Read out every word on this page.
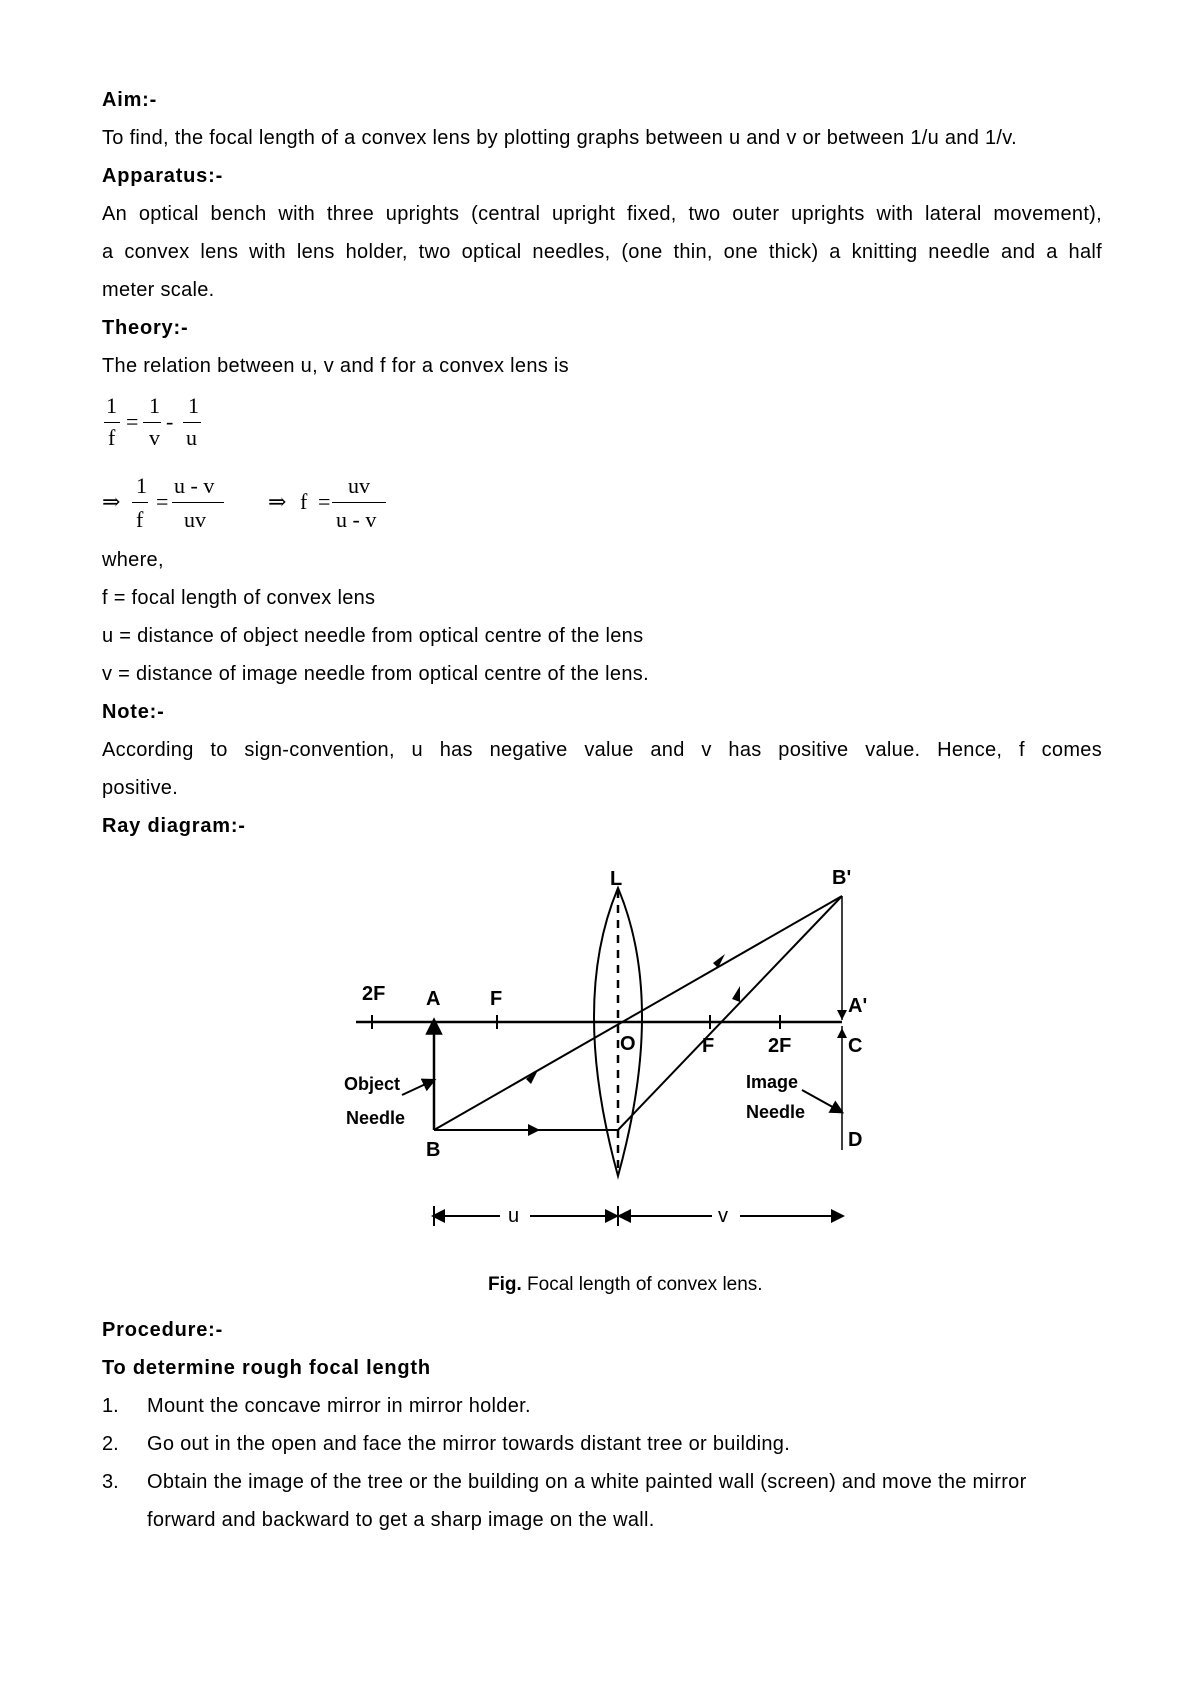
Aim:-
To find, the focal length of a convex lens by plotting graphs between u and v or between 1/u and 1/v.
Apparatus:-
An optical bench with three uprights (central upright fixed, two outer uprights with lateral movement),
a convex lens with lens holder, two optical needles, (one thin, one thick) a knitting needle and a half
meter scale.
Theory:-
The relation between u, v and f for a convex lens is
1
f
=
1
v
-
1
u
⇒
1
f
=
u - v
uv
⇒ f =
uv
u - v
where,
f = focal length of convex lens
u = distance of object needle from optical centre of the lens
v = distance of image needle from optical centre of the lens.
Note:-
According to sign-convention, u has negative value and v has positive value. Hence, f comes
positive.
Ray diagram:-
L	B'
2F A F	A'
O	F	2F	C
Object
Needle
Image
Needle
B	D
u	v
Fig. Focal length of convex lens.
Procedure:-
To determine rough focal length
1. Mount the concave mirror in mirror holder.
2. Go out in the open and face the mirror towards distant tree or building.
3. Obtain the image of the tree or the building on a white painted wall (screen) and move the mirror
forward and backward to get a sharp image on the wall.
